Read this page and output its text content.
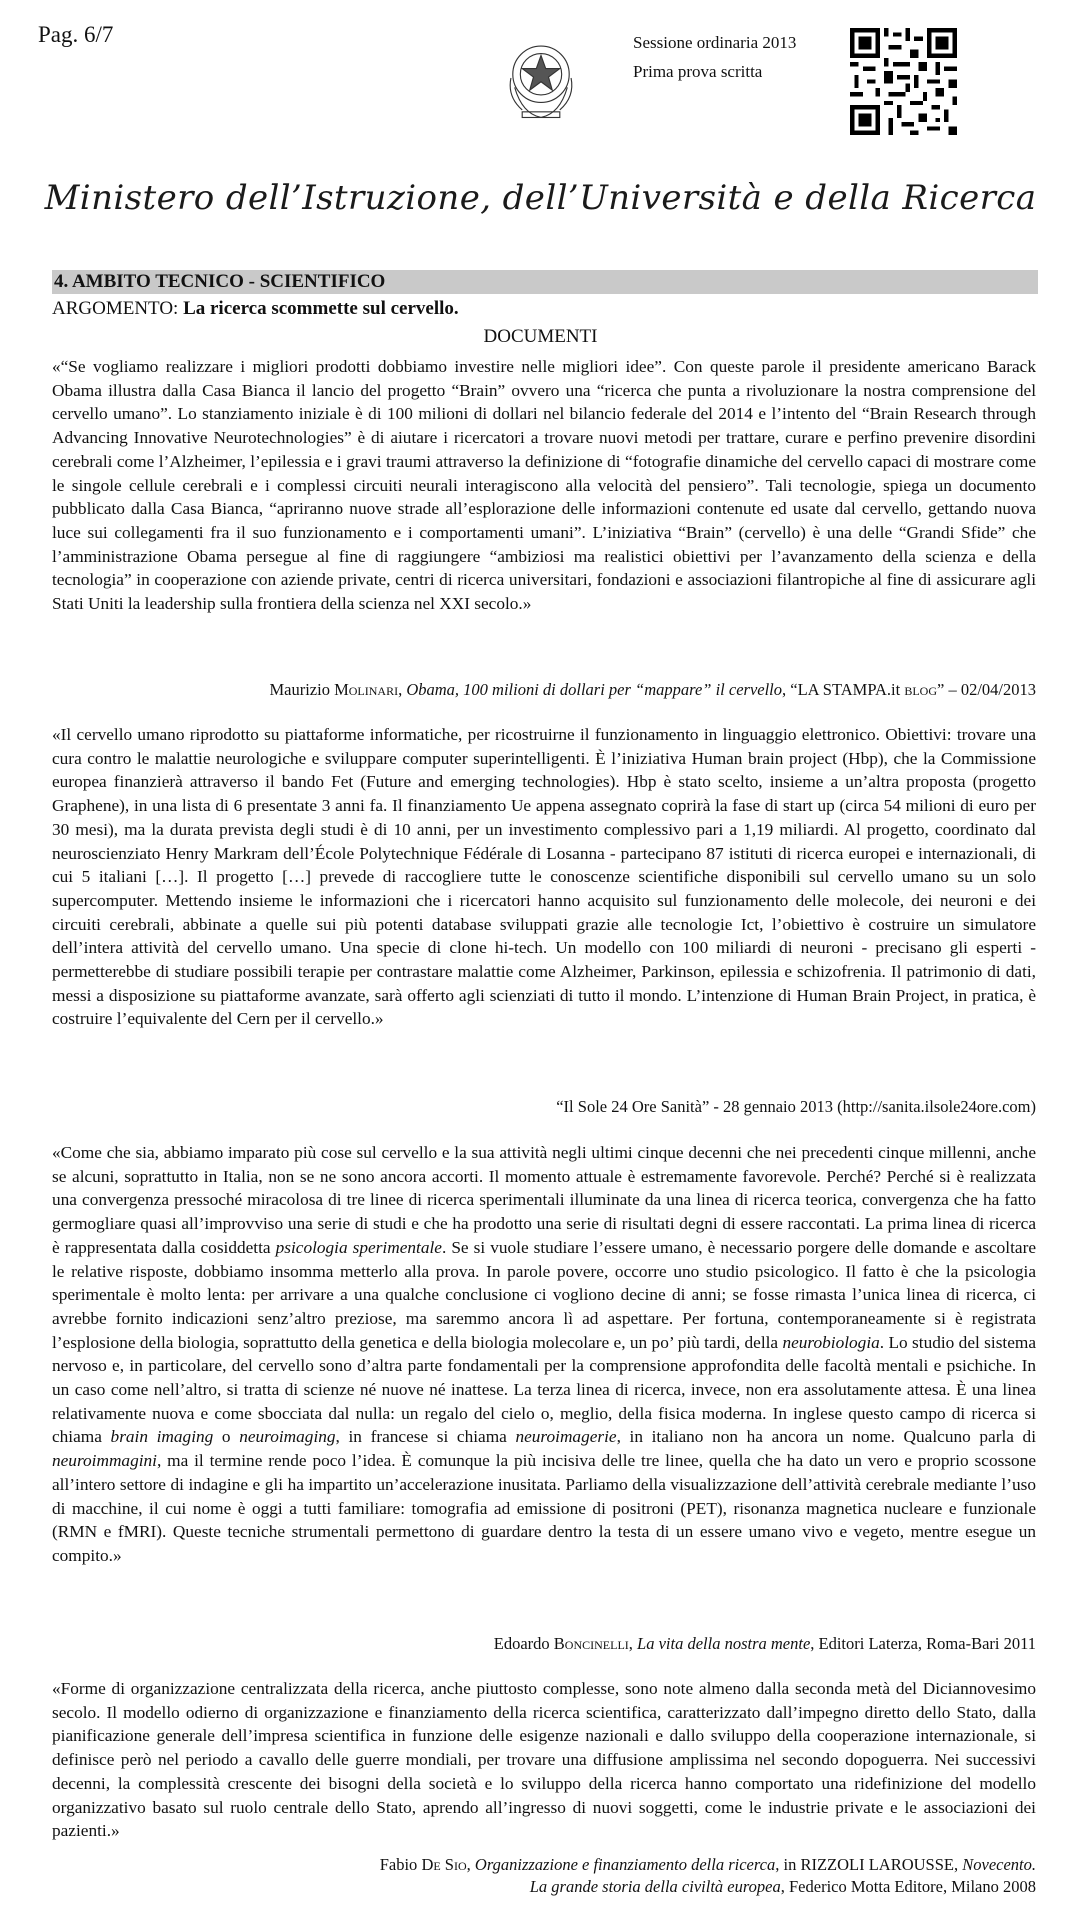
Pag. 6/7	Sessione ordinaria 2013
Prima prova scritta
Ministero dell’Istruzione, dell’Università e della Ricerca
4. AMBITO TECNICO - SCIENTIFICO
ARGOMENTO: La ricerca scommette sul cervello.
DOCUMENTI

«“Se vogliamo realizzare i migliori prodotti dobbiamo investire nelle migliori idee”. Con queste parole il presidente americano Barack Obama illustra dalla Casa Bianca il lancio del progetto “Brain” ovvero una “ricerca che punta a rivoluzionare la nostra comprensione del cervello umano”. Lo stanziamento iniziale è di 100 milioni di dollari nel bilancio federale del 2014 e l’intento del “Brain Research through Advancing Innovative Neurotechnologies” è di aiutare i ricercatori a trovare nuovi metodi per trattare, curare e perfino prevenire disordini cerebrali come l’Alzheimer, l’epilessia e i gravi traumi attraverso la definizione di “fotografie dinamiche del cervello capaci di mostrare come le singole cellule cerebrali e i complessi circuiti neurali interagiscono alla velocità del pensiero”. Tali tecnologie, spiega un documento pubblicato dalla Casa Bianca, “apriranno nuove strade all’esplorazione delle informazioni contenute ed usate dal cervello, gettando nuova luce sui collegamenti fra il suo funzionamento e i comportamenti umani”. L’iniziativa “Brain” (cervello) è una delle “Grandi Sfide” che l’amministrazione Obama persegue al fine di raggiungere “ambiziosi ma realistici obiettivi per l’avanzamento della scienza e della tecnologia” in cooperazione con aziende private, centri di ricerca universitari, fondazioni e associazioni filantropiche al fine di assicurare agli Stati Uniti la leadership sulla frontiera della scienza nel XXI secolo.»

Maurizio Molinari, Obama, 100 milioni di dollari per “mappare” il cervello, “LA STAMPA.it blog” – 02/04/2013

«Il cervello umano riprodotto su piattaforme informatiche, per ricostruirne il funzionamento in linguaggio elettronico. Obiettivi: trovare una cura contro le malattie neurologiche e sviluppare computer superintelligenti. È l’iniziativa Human brain project (Hbp), che la Commissione europea finanzierà attraverso il bando Fet (Future and emerging technologies). Hbp è stato scelto, insieme a un’altra proposta (progetto Graphene), in una lista di 6 presentate 3 anni fa. Il finanziamento Ue appena assegnato coprirà la fase di start up (circa 54 milioni di euro per 30 mesi), ma la durata prevista degli studi è di 10 anni, per un investimento complessivo pari a 1,19 miliardi. Al progetto, coordinato dal neuroscienziato Henry Markram dell’École Polytechnique Fédérale di Losanna - partecipano 87 istituti di ricerca europei e internazionali, di cui 5 italiani […]. Il progetto […] prevede di raccogliere tutte le conoscenze scientifiche disponibili sul cervello umano su un solo supercomputer. Mettendo insieme le informazioni che i ricercatori hanno acquisito sul funzionamento delle molecole, dei neuroni e dei circuiti cerebrali, abbinate a quelle sui più potenti database sviluppati grazie alle tecnologie Ict, l’obiettivo è costruire un simulatore dell’intera attività del cervello umano. Una specie di clone hi-tech. Un modello con 100 miliardi di neuroni - precisano gli esperti - permetterebbe di studiare possibili terapie per contrastare malattie come Alzheimer, Parkinson, epilessia e schizofrenia. Il patrimonio di dati, messi a disposizione su piattaforme avanzate, sarà offerto agli scienziati di tutto il mondo. L’intenzione di Human Brain Project, in pratica, è costruire l’equivalente del Cern per il cervello.»

“Il Sole 24 Ore Sanità” - 28 gennaio 2013 (http://sanita.ilsole24ore.com)

«Come che sia, abbiamo imparato più cose sul cervello e la sua attività negli ultimi cinque decenni che nei precedenti cinque millenni, anche se alcuni, soprattutto in Italia, non se ne sono ancora accorti. Il momento attuale è estremamente favorevole. Perché? Perché si è realizzata una convergenza pressoché miracolosa di tre linee di ricerca sperimentali illuminate da una linea di ricerca teorica, convergenza che ha fatto germogliare quasi all’improvviso una serie di studi e che ha prodotto una serie di risultati degni di essere raccontati. La prima linea di ricerca è rappresentata dalla cosiddetta psicologia sperimentale. Se si vuole studiare l’essere umano, è necessario porgere delle domande e ascoltare le relative risposte, dobbiamo insomma metterlo alla prova. In parole povere, occorre uno studio psicologico. Il fatto è che la psicologia sperimentale è molto lenta: per arrivare a una qualche conclusione ci vogliono decine di anni; se fosse rimasta l’unica linea di ricerca, ci avrebbe fornito indicazioni senz’altro preziose, ma saremmo ancora lì ad aspettare. Per fortuna, contemporaneamente si è registrata l’esplosione della biologia, soprattutto della genetica e della biologia molecolare e, un po’ più tardi, della neurobiologia. Lo studio del sistema nervoso e, in particolare, del cervello sono d’altra parte fondamentali per la comprensione approfondita delle facoltà mentali e psichiche. In un caso come nell’altro, si tratta di scienze né nuove né inattese. La terza linea di ricerca, invece, non era assolutamente attesa. È una linea relativamente nuova e come sbocciata dal nulla: un regalo del cielo o, meglio, della fisica moderna. In inglese questo campo di ricerca si chiama brain imaging o neuroimaging, in francese si chiama neuroimagerie, in italiano non ha ancora un nome. Qualcuno parla di neuroimmagini, ma il termine rende poco l’idea. È comunque la più incisiva delle tre linee, quella che ha dato un vero e proprio scossone all’intero settore di indagine e gli ha impartito un’accelerazione inusitata. Parliamo della visualizzazione dell’attività cerebrale mediante l’uso di macchine, il cui nome è oggi a tutti familiare: tomografia ad emissione di positroni (PET), risonanza magnetica nucleare e funzionale (RMN e fMRI). Queste tecniche strumentali permettono di guardare dentro la testa di un essere umano vivo e vegeto, mentre esegue un compito.»

Edoardo Boncinelli, La vita della nostra mente, Editori Laterza, Roma-Bari 2011

«Forme di organizzazione centralizzata della ricerca, anche piuttosto complesse, sono note almeno dalla seconda metà del Diciannovesimo secolo. Il modello odierno di organizzazione e finanziamento della ricerca scientifica, caratterizzato dall’impegno diretto dello Stato, dalla pianificazione generale dell’impresa scientifica in funzione delle esigenze nazionali e dallo sviluppo della cooperazione internazionale, si definisce però nel periodo a cavallo delle guerre mondiali, per trovare una diffusione amplissima nel secondo dopoguerra. Nei successivi decenni, la complessità crescente dei bisogni della società e lo sviluppo della ricerca hanno comportato una ridefinizione del modello organizzativo basato sul ruolo centrale dello Stato, aprendo all’ingresso di nuovi soggetti, come le industrie private e le associazioni dei pazienti.»

Fabio De Sio, Organizzazione e finanziamento della ricerca, in RIZZOLI LAROUSSE, Novecento.
La grande storia della civiltà europea, Federico Motta Editore, Milano 2008
